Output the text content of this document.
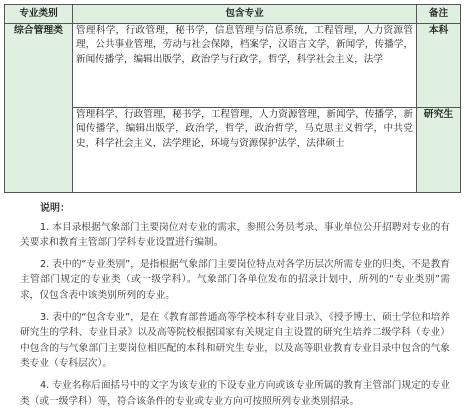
专业类别	包含专业	备注
综合管理类	管理科学，行政管理，秘书学，信息管理与信息系统，工程管理，人力资源管理，公共事业管理，劳动与社会保障，档案学，汉语言文学，新闻学，传播学，新闻传播学，编辑出版学，政治学与行政学，哲学，科学社会主义，法学	本科
	管理科学，行政管理，秘书学，工程管理，人力资源管理，新闻学，传播学，新闻传播学，编辑出版学，政治学，哲学，政治哲学，马克思主义哲学，中共党史，科学社会主义，法学理论，环境与资源保护法学，法律硕士	研究生
说明：

1. 本目录根据气象部门主要岗位对专业的需求，参照公务员考录、事业单位公开招聘对专业的有关要求和教育主管部门学科专业设置进行编制。

2. 表中的“专业类别”，是指根据气象部门主要岗位特点对各学历层次所需专业的归类，不是教育主管部门规定的专业类（或一级学科）。气象部门各单位发布的招录计划中，所列的“专业类别”需求，仅包含表中该类别所列的专业。

3. 表中的“包含专业”，是在《教育部普通高等学校本科专业目录》、《授予博士、硕士学位和培养研究生的学科、专业目录》以及高等院校根据国家有关规定自主设置的研究生培养二级学科（专业）中包含的与气象部门主要岗位相匹配的本科和研究生专业，以及高等职业教育专业目录中包含的气象类专业（专科层次）。

4. 专业名称后面括号中的文字为该专业的下设专业方向或该专业所属的教育主管部门规定的专业类（或一级学科）等，符合该条件的专业或专业方向可按照所列专业类别招录。
